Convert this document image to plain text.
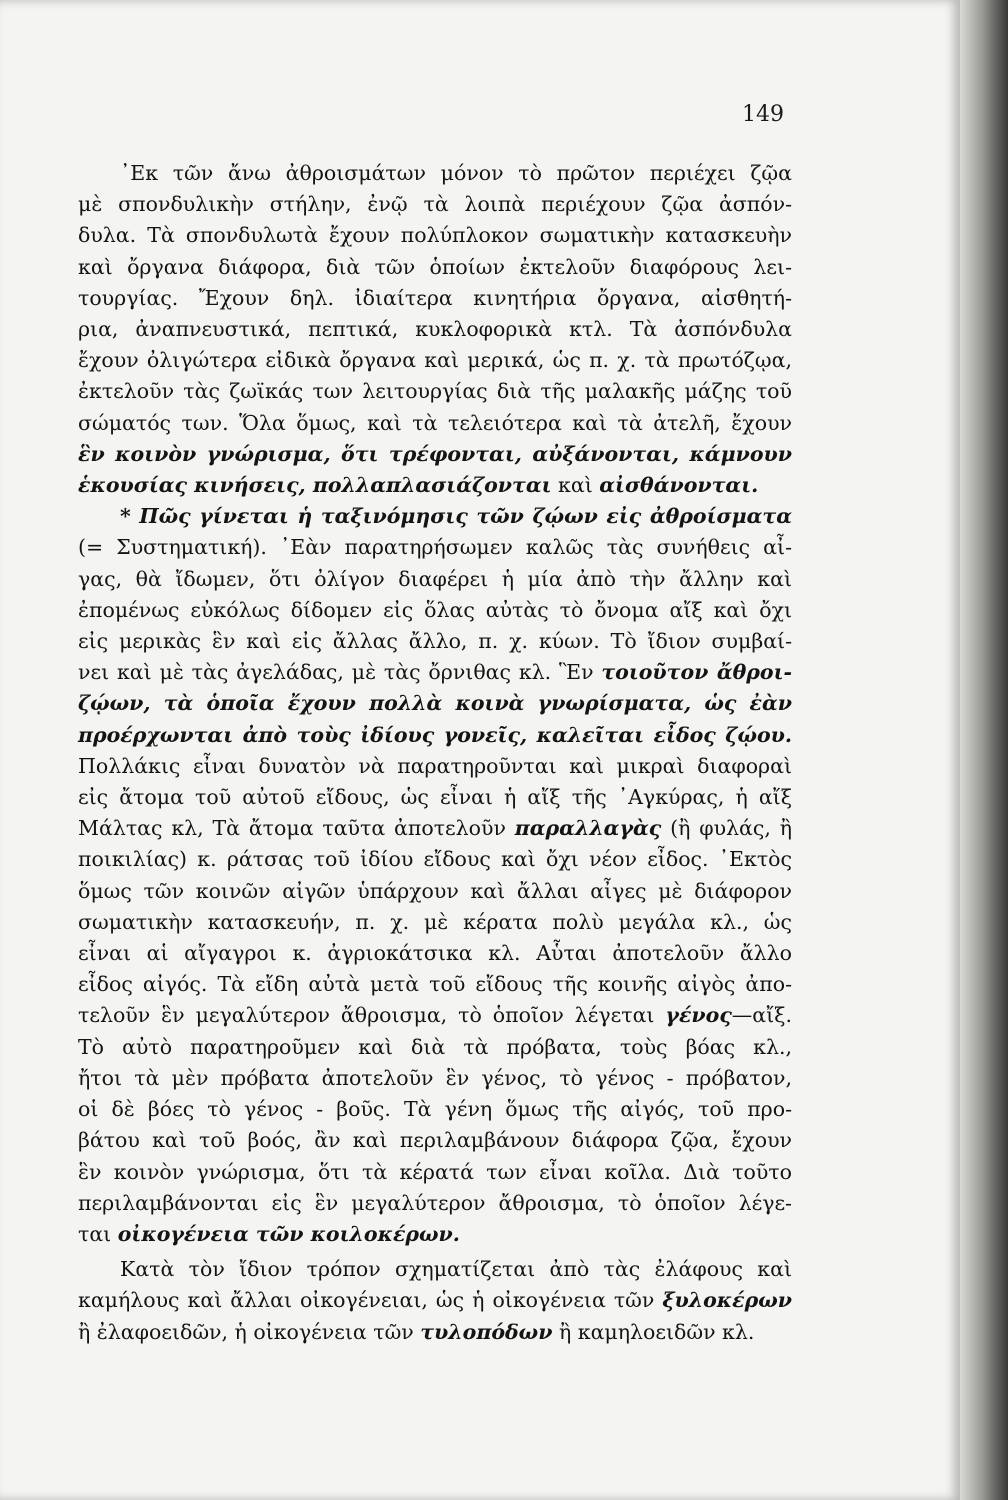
149
᾿Εκ τῶν ἄνω ἀθροισμάτων μόνον τὸ πρῶτον περιέχει ζῷα
μὲ σπονδυλικὴν στήλην, ἐνῷ τὰ λοιπὰ περιέχουν ζῷα ἀσπόν-
δυλα. Τὰ σπονδυλωτὰ ἔχουν πολύπλοκον σωματικὴν κατασκευὴν
καὶ ὄργανα διάφορα, διὰ τῶν ὁποίων ἐκτελοῦν διαφόρους λει-
τουργίας. Ἔχουν δηλ. ἰδιαίτερα κινητήρια ὄργανα, αἰσθητή-
ρια, ἀναπνευστικά, πεπτικά, κυκλοφορικὰ κτλ. Τὰ ἀσπόνδυλα
ἔχουν ὀλιγώτερα εἰδικὰ ὄργανα καὶ μερικά, ὡς π. χ. τὰ πρωτόζῳα,
ἐκτελοῦν τὰς ζωϊκάς των λειτουργίας διὰ τῆς μαλακῆς μάζης τοῦ
σώματός των. Ὅλα ὅμως, καὶ τὰ τελειότερα καὶ τὰ ἀτελῆ, ἔχουν
ἓν κοινὸν γνώρισμα, ὅτι τρέφονται, αὐξάνονται, κάμνουν
ἑκουσίας κινήσεις, πολλαπλασιάζονται καὶ αἰσθάνονται.
* Πῶς γίνεται ἡ ταξινόμησις τῶν ζῴων εἰς ἀθροίσματα
(= Συστηματική). ᾿Εὰν παρατηρήσωμεν καλῶς τὰς συνήθεις αἶ-
γας, θὰ ἴδωμεν, ὅτι ὀλίγον διαφέρει ἡ μία ἀπὸ τὴν ἄλλην καὶ
ἐπομένως εὐκόλως δίδομεν εἰς ὅλας αὐτὰς τὸ ὄνομα αἴξ καὶ ὄχι
εἰς μερικὰς ἓν καὶ εἰς ἄλλας ἄλλο, π. χ. κύων. Τὸ ἴδιον συμβαί-
νει καὶ μὲ τὰς ἀγελάδας, μὲ τὰς ὄρνιθας κλ. Ἓν τοιοῦτον ἄθροι-
ζῴων, τὰ ὁποῖα ἔχουν πολλὰ κοινὰ γνωρίσματα, ὡς ἐὰν
προέρχωνται ἀπὸ τοὺς ἰδίους γονεῖς, καλεῖται εἶδος ζῴου.
Πολλάκις εἶναι δυνατὸν νὰ παρατηροῦνται καὶ μικραὶ διαφοραὶ
εἰς ἄτομα τοῦ αὐτοῦ εἴδους, ὡς εἶναι ἡ αἴξ τῆς ᾿Αγκύρας, ἡ αἴξ
Μάλτας κλ, Τὰ ἄτομα ταῦτα ἀποτελοῦν παραλλαγὰς (ἢ φυλάς, ἢ
ποικιλίας) κ. ράτσας τοῦ ἰδίου εἴδους καὶ ὄχι νέον εἶδος. ᾿Εκτὸς
ὅμως τῶν κοινῶν αἰγῶν ὑπάρχουν καὶ ἄλλαι αἶγες μὲ διάφορον
σωματικὴν κατασκευήν, π. χ. μὲ κέρατα πολὺ μεγάλα κλ., ὡς
εἶναι αἱ αἴγαγροι κ. ἀγριοκάτσικα κλ. Αὗται ἀποτελοῦν ἄλλο
εἶδος αἰγός. Τὰ εἴδη αὐτὰ μετὰ τοῦ εἴδους τῆς κοινῆς αἰγὸς ἀπο-
τελοῦν ἓν μεγαλύτερον ἄθροισμα, τὸ ὁποῖον λέγεται γένος—αἴξ.
Τὸ αὐτὸ παρατηροῦμεν καὶ διὰ τὰ πρόβατα, τοὺς βόας κλ.,
ἤτοι τὰ μὲν πρόβατα ἀποτελοῦν ἓν γένος, τὸ γένος - πρόβατον,
οἱ δὲ βόες τὸ γένος - βοῦς. Τὰ γένη ὅμως τῆς αἰγός, τοῦ προ-
βάτου καὶ τοῦ βοός, ἂν καὶ περιλαμβάνουν διάφορα ζῷα, ἔχουν
ἓν κοινὸν γνώρισμα, ὅτι τὰ κέρατά των εἶναι κοῖλα. Διὰ τοῦτο
περιλαμβάνονται εἰς ἓν μεγαλύτερον ἄθροισμα, τὸ ὁποῖον λέγε-
ται οἰκογένεια τῶν κοιλοκέρων.
Κατὰ τὸν ἴδιον τρόπον σχηματίζεται ἀπὸ τὰς ἐλάφους καὶ
καμήλους καὶ ἄλλαι οἰκογένειαι, ὡς ἡ οἰκογένεια τῶν ξυλοκέρων
ἢ ἐλαφοειδῶν, ἡ οἰκογένεια τῶν τυλοπόδων ἢ καμηλοειδῶν κλ.
